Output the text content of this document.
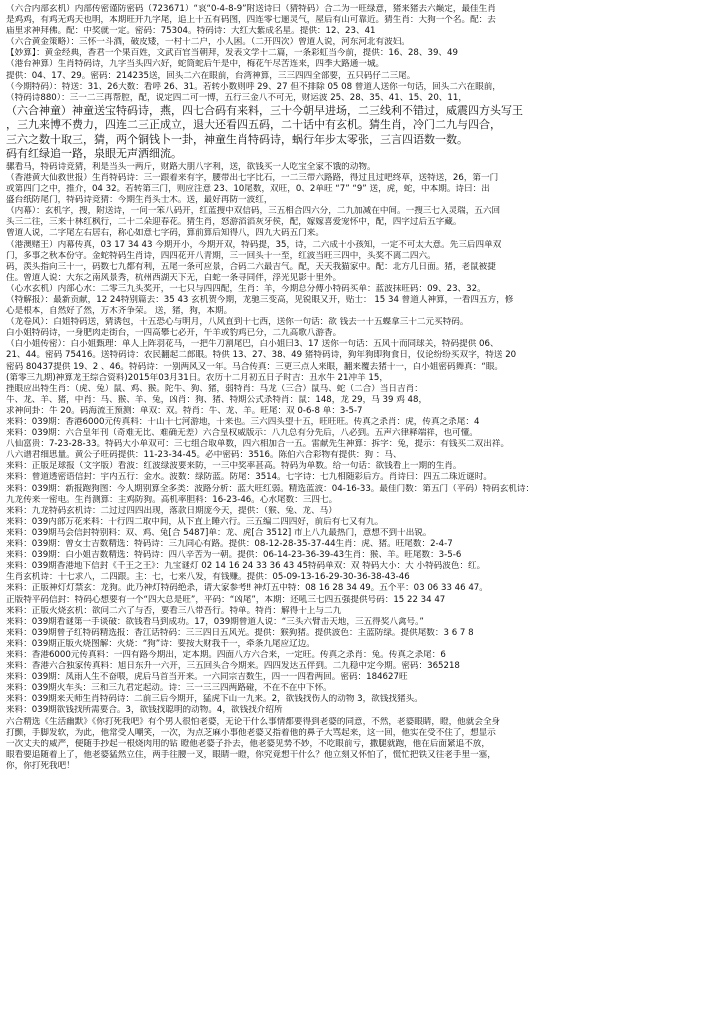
（六合内部玄机）内部传密谨防密码（723671）“哀“0-4-8-9”附送诗曰（猜特码）合二为一旺绿意，猪来猪去六巅定，最佳生肖
是鸡鸡，有鸡无鸡天也明，本期旺开九字尾，追上十五有码图，四连零七逦灵气，屋后有山可靠近。猜生肖：大狗一个名。配：去
庙里求神拜佛。配：中奖就一定。密码：75304。特码诗：大红大紫成名星。提供：12、23、41
（六合黄金策略）：三怀一斗酒，破皮矮，一村十二户，小人困。（二开四次）曾道人说，河东河北有波妇。
【妙算】：黄金经典，香君一个果百姓，文武百官当朝拜，发表文学十二篇，一条彩虹当今前，提供：16、28、39、49
（港台神算）生肖特码诗，九字当头四六好，蛇筒蛇后午是中，梅花午尽苦连来，四季大路通一城。
提供：04、17、29。密码：214235送，回头二六在眼前，台湾神算，三三四四全部要，五只码仔二三尾。
（今期特码）：特送：31、26大数：看呼 26、31。若转小数则呼 29、27 但不排除 05 08 曾道人送你一句话，回头二六在眼前，
（特码诗880）：三一二三再帮腔，配，说定四二可一博，五行三金八不可无，财运波 25、28、35、41、15、20、11，
（六合神童）神童送宝特码诗，燕，四七合码有来料，三十今朝早进场，二三线利不错过，威震四方头写王
，三九来博不费力，四连二三正成立，退大还看四五码，二十话中有玄机。猜生肖，冷门二九与四合，
三六之数十取三，猜，两个铜钱卜一卦，神童生肖特码诗，蜗行年步太零张，三言四语数一数。
码有红绿追一路，泉眼无声洒细流。
骡看马，特码诗竞猜，利是当头一两斤，财路大朋八字利，送，欲钱买一人吃宝全家不饿的动物。
（香港黄大仙救世报）生肖特码诗：三一跟着来有字，腰带出七字比石，一二三带六路路，得过且过吧终草，送特送，26，第一门
或第四门之中，推介，04 32。若转第三门，则应注意 23、10尾数，双旺，0、2单旺 “7” “9” 送，虎，蛇，中本期。诗曰：出
盛台纸防尾门，特码诗竞猜：今期生肖头士木。送，最好再防一波红，
（内幕）：玄机字，搜，附送诗，一问一笨八码开，红蓝搜中双信码，三五相合四六分，二九加减在中间。一搜三七入灵瑞，五六回
头三二往，三来十林红枫行，二十二朵迎春花。猜生肖，怒游滔滔灰牙侯，配，嫁嫁喜爱宠怀中，配，四字过后五字藏。
曾道人说，二字尾左右居右，称心如意七字码，算前算后知得八，四九大码五门来。
（港澳赌王）内幕传真，03 17 34 43 今期开小，今期开双，特码提，35，诗，二六成十小孩知，一定不可太大意。先三后四单双
门，多事之秋本份守。金蛇特码生肖诗，四四花开八青期，三一回头十一至，红波当旺三四中，头奖不离二四六。
码，羡头指向三十一，码数七九都有利，五尾一条可应景，合码二六最吉气。配，天天我猫家中。配：北方几日面。猪，老鼠被捷
住。曾道人说：大东之南风景秀，杭州西湖天下无，白蛇一条寻同伴，浮光见影十里外。
（心水玄机）内部心水：二零三九头奖开，一七只与四四配，生肖：羊，今期总分傅小特码买单：蓝波抹旺码：09、23、32。
（特解报）：最新贡献，12 24特别篇去：35 43 玄机贺今期，龙驰三变高，见锐眼又开，贴士： 15 34 曾道人神算，一看四五方，修
心是根本，自然好了然，万木齐争荣。 送，猪，狗，本期。
（龙卷风）：白姐特码送，猜诱包，十五恐心与明月，八风直到十七西，送你一句话：欲 钱去一十五蝶拿三十二元买特码。
白小姐特码诗，一身肥肉走街台，一四高攀七必开，午羊或豹鸡已分，二九高歌八游香。
（白小姐传密）：白小姐甄理：单人上阵羽花马，一把牛刀割尾巴，白小姐曰3、17 送你一句话：五风十而同球关，特码提供 06、
21、44。密码 75416。送特码诗：农民翻起二郎眼。特供 13、27、38、49 猪特码诗，狗年狗即狗食日，仪论纷纷买双字，特送 20
密码 80437提供 19、2 、46。特码诗：一别两风又一年。马合传真：三更三点人来眼，翻来覆去猪十一，白小姐密码舞真：“眼。
(第零三九期)神算龙王综合资料)2015年03月31日。农历十二月初五日子时吉：丑水牛 21冲羊 15，
挫眼应出特生肖：（虎、兔）鼠、鸡、猴。陀牛、狗、猪，弱特肖：马龙（三合）鼠马、蛇（二合）当日吉肖：
牛、龙、羊、猪，中肖：马、猴、羊、兔，凶肖：狗、猪、特期公式杀特肖：鼠：148，龙 29，马 39 鸡 48，
求神问卦：牛 20。码海流王预测：单双：双。特肖：牛、龙、羊。旺尾：双 0-6-8 单：3-5-7
来料：039期：香港6000元传真料：十山十七河游地，十来也。三六四头望十五，旺旺旺。传真之杀肖：虎，传真之杀尾：4
来料：039期：六合皇年刊（奇难无比、难确无差）六合皇权威版示：八九总有分先后，八必到。五声六律释端祥，也可懂。
八仙富贵：7-23-28-33。特码大小单双可：三七组合取单数，四六相加合一五。雷献先生神算：拆字：兔，提示：有钱买二双出祥。
八六谱君细思量。黄公子旺码提供：11-23-34-45。必中密码：3516。陈伯六合彩物有提供：狗 ：马、
来料：正版足球报（文字版）看波：红波绿波要来防，一三中奖率甚高。特码为单数。给一句话：欲钱看上一期的生肖。
来料：曾道透密语信封：宇内五行：金水。波数：绿防蓝。防尾：3514。七字诗：七九相随彩后方。肖诗曰：四五二珠近谜时。
来料：039期：新报跑狗图：今人期别算全多类：波路分析：蓝大旺红弱。精选蓝波：04-16-33。最佳门数：第五门（平码）特码玄机诗：
九龙传来一密电。生肖测算：主鸡防狗。高机率胆料：16-23-46。心水尾数：三四七。
来料：九龙特码玄机诗：二过过四四出现，落款日期庞今天，提供：（猴、兔、龙、马）
来料：039内部万花来料：十行四二取中间，从下直上睡六行。三五编二四四好，前后有七又有九。
来料：039期马会信封特别料：双、鸡、兔[合 5487]单：龙、虎[合 3512] 市上八九最热门，意想不到十出锐。
来料：039期：曾女士吉数精选：特码诗：三九同心有路。提供：08-12-28-35-37-44生肖：虎、猪。旺尾数：2-4-7
来料：039期：白小姐吉数精选：特码诗：四八辛苦为一朝。提供：06-14-23-36-39-43生肖：猴、羊。旺尾数：3-5-6
来料：039期香港地下信封《千王之王》：九宝谜灯 02 14 16 24 33 36 43 45特码单双：双 特码大小：大 小特码波色：红。
生肖玄机诗：十七求八，二四跟。主：七，七来八发，有钱赚。提供：05-09-13-16-29-30-36-38-43-46
来料：正版神灯灯禁玄：龙狗。此乃神灯特码绝杀，请大家参考‼ 神灯五中特：08 16 28 34 49。五个平：03 06 33 46 47。
正版特平码信封：特码心想要有一个“四大总是旺”，平码：“凶尾”，本期：还吼三七四五强提供号码：15 22 34 47
来料：正版火烧玄机：欲问二六了与否，要看三八带吾行。特单。特肖：解得十上与二九
来料：039期看谜第一手谈破：欲钱看马到成功。17，039期曾道人说：“三头六臂击天地，三五得奖八禽号。”
来料：039期曾子红特码精选报：香江话特码：三三四日五风光。提供：猴狗猪。提供波色：主蓝防绿。提供尾数：3 6 7 8
来料：039期正版火烧图解：火烧：“狗”诗：要按大财我千一，牵条九尾应辽边。
来料：香港6000元传真料：一四有路今期出，定本期。四面八方六合来，一定旺。传真之杀肖：兔。传真之杀尾：6
来料：香港六合独家传真料：旭日东升一六开，三五回头合今期来。四四发达五伴到。二九稳中定今期。密码：365218
来料：039期：凤雨人生不奋喂，虎后马首当开来。一六同宗吉数生，四一一四看两回。密码：184627旺
来料：039期火车头：三和三九君定起动。诗：三一三三四两路碰，不在不在中下怀。
来料：039期来天师生肖特码诗：二前三后今期开，猛虎下山一九来。2，欲钱找伤人的动物 3，欲钱找猪头。
来料：039期欲钱找所需要合。3，欲钱找聪明的动物。4，欲钱找介绍所
六合精选《生活幽默》《你打死我吧》有个男人很怕老婆，无论干什么事情都要得到老婆的同意，不然，老婆眼睛，瞪，他就会全身
打颤，手脚发软，为此，他常受人嘲笑，一次，为点芝麻小事他老婆又指着他的鼻子大骂起来，这一回，他实在受不住了，想显示
一次丈夫的威严，便随手抄起一根烧肉用的钻 瞪他老婆子扑去，他老婆见势不妙，不吃眼前亏，撒腿就跑，他在后面紧追不放，
眼看要追随着上了，他老婆猛然立住，两手往腰一叉，眼睛一瞪，你究竟想干什么？他立刻又怀怕了，慌忙把铁又往老手里一塞，
你，你打死我吧！
